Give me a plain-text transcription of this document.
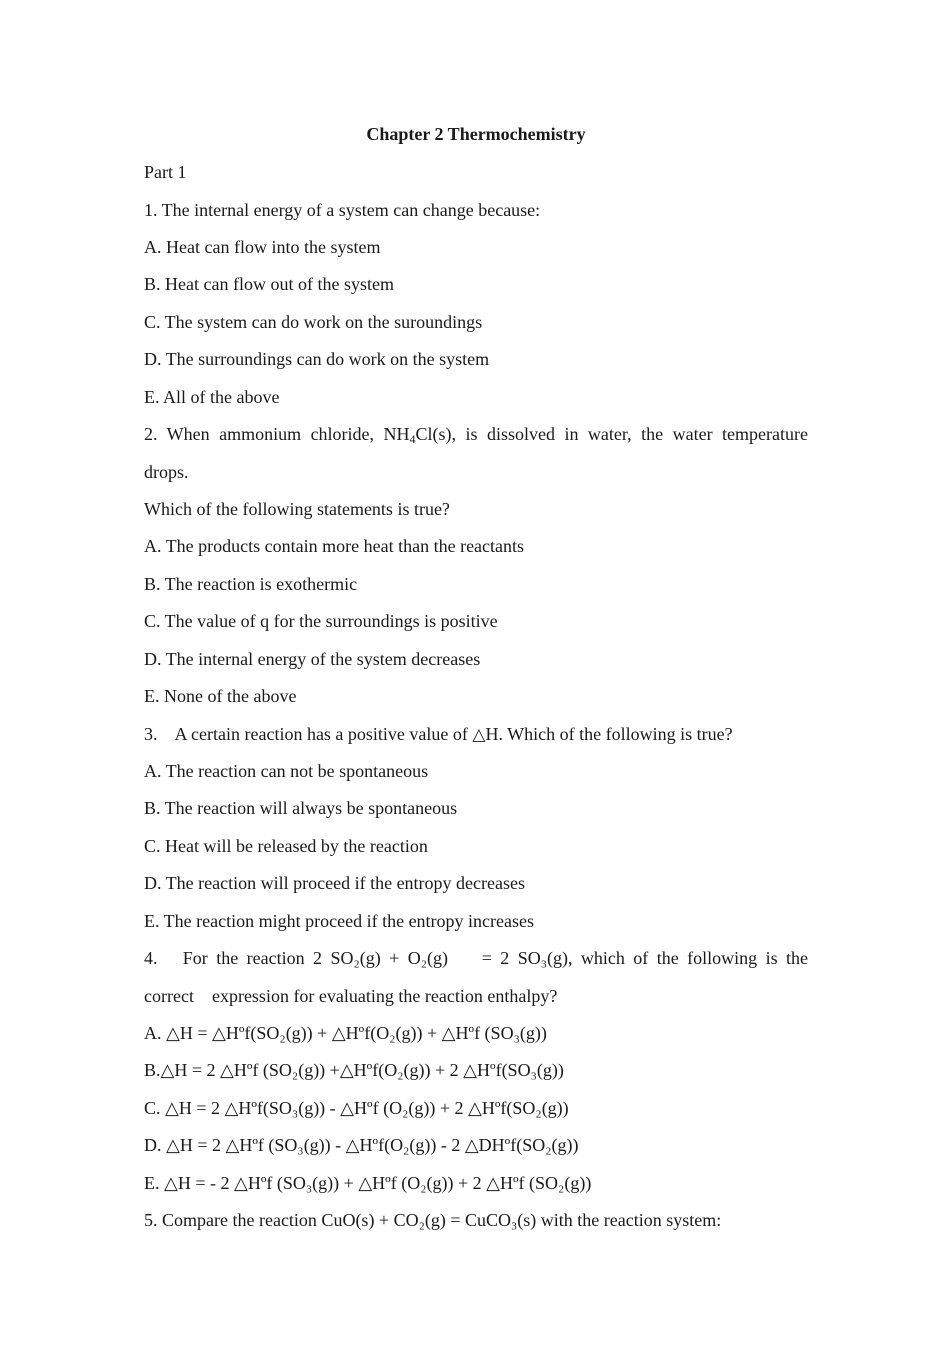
Chapter 2 Thermochemistry
Part 1
1. The internal energy of a system can change because:
A. Heat can flow into the system
B. Heat can flow out of the system
C. The system can do work on the suroundings
D. The surroundings can do work on the system
E. All of the above
2. When ammonium chloride, $NH_4Cl(s)$, is dissolved in water, the water temperature
drops.
Which of the following statements is true?
A. The products contain more heat than the reactants
B. The reaction is exothermic
C. The value of q for the surroundings is positive
D. The internal energy of the system decreases
E. None of the above
3.    A certain reaction has a positive value of △H. Which of the following is true?
A. The reaction can not be spontaneous
B. The reaction will always be spontaneous
C. Heat will be released by the reaction
D. The reaction will proceed if the entropy decreases
E. The reaction might proceed if the entropy increases
4.   For the reaction 2 SO₂(g) + O₂(g)    = 2 SO₃(g), which of the following is the
correct    expression for evaluating the reaction enthalpy?
A. △H = △Hºf(SO₂(g)) + △Hºf(O₂(g)) + △Hºf (SO₃(g))
B.△H = 2 △Hºf (SO₂(g)) +△Hºf(O₂(g)) + 2 △Hºf(SO₃(g))
C. △H = 2 △Hºf(SO₃(g)) - △Hºf (O₂(g)) + 2 △Hºf(SO₂(g))
D. △H = 2 △Hºf (SO₃(g)) - △Hºf(O₂(g)) - 2 △DHºf(SO₂(g))
E. △H = - 2 △Hºf (SO₃(g)) + △Hºf (O₂(g)) + 2 △Hºf (SO₂(g))
5. Compare the reaction CuO(s) + CO₂(g) = CuCO₃(s) with the reaction system:
